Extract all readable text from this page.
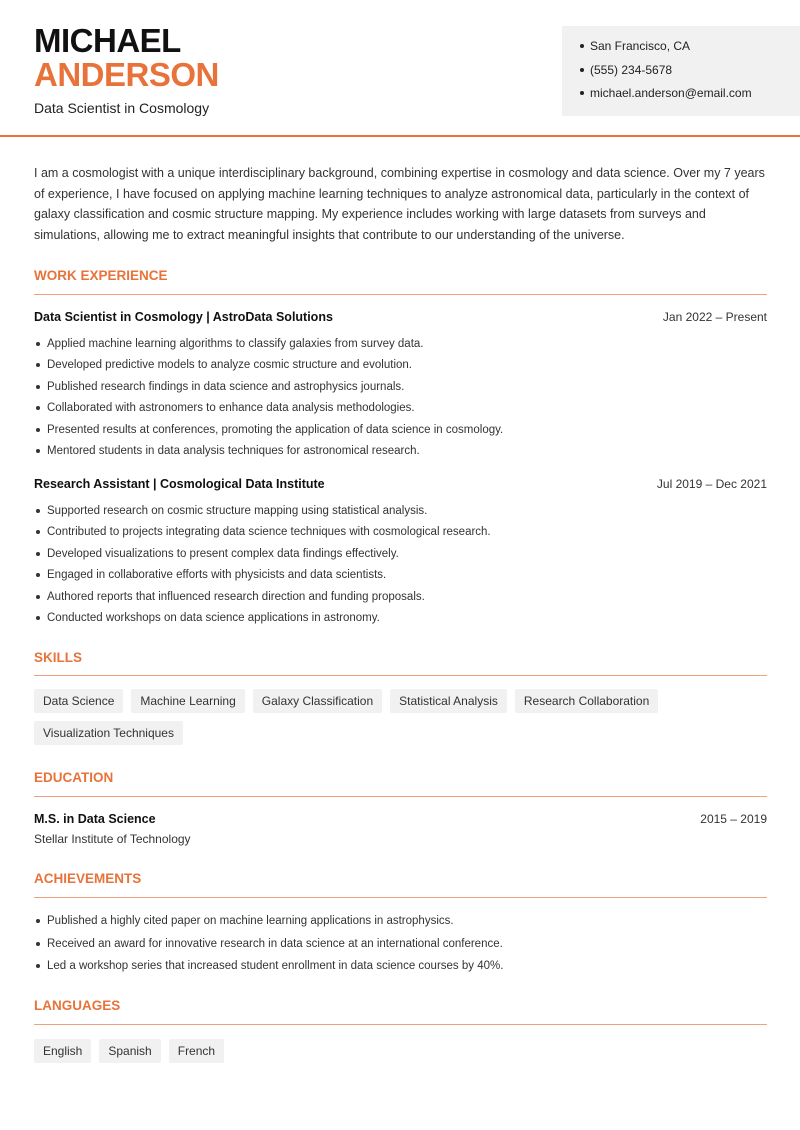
MICHAEL
ANDERSON
Data Scientist in Cosmology
San Francisco, CA
(555) 234-5678
michael.anderson@email.com

I am a cosmologist with a unique interdisciplinary background, combining expertise in cosmology and data science. Over my 7 years of experience, I have focused on applying machine learning techniques to analyze astronomical data, particularly in the context of galaxy classification and cosmic structure mapping. My experience includes working with large datasets from surveys and simulations, allowing me to extract meaningful insights that contribute to our understanding of the universe.

WORK EXPERIENCE
Data Scientist in Cosmology | AstroData Solutions	Jan 2022 – Present
Applied machine learning algorithms to classify galaxies from survey data.
Developed predictive models to analyze cosmic structure and evolution.
Published research findings in data science and astrophysics journals.
Collaborated with astronomers to enhance data analysis methodologies.
Presented results at conferences, promoting the application of data science in cosmology.
Mentored students in data analysis techniques for astronomical research.
Research Assistant | Cosmological Data Institute	Jul 2019 – Dec 2021
Supported research on cosmic structure mapping using statistical analysis.
Contributed to projects integrating data science techniques with cosmological research.
Developed visualizations to present complex data findings effectively.
Engaged in collaborative efforts with physicists and data scientists.
Authored reports that influenced research direction and funding proposals.
Conducted workshops on data science applications in astronomy.
SKILLS
Data Science	Machine Learning	Galaxy Classification	Statistical Analysis	Research Collaboration
Visualization Techniques
EDUCATION
M.S. in Data Science	2015 – 2019
Stellar Institute of Technology
ACHIEVEMENTS
Published a highly cited paper on machine learning applications in astrophysics.
Received an award for innovative research in data science at an international conference.
Led a workshop series that increased student enrollment in data science courses by 40%.
LANGUAGES
English	Spanish	French
